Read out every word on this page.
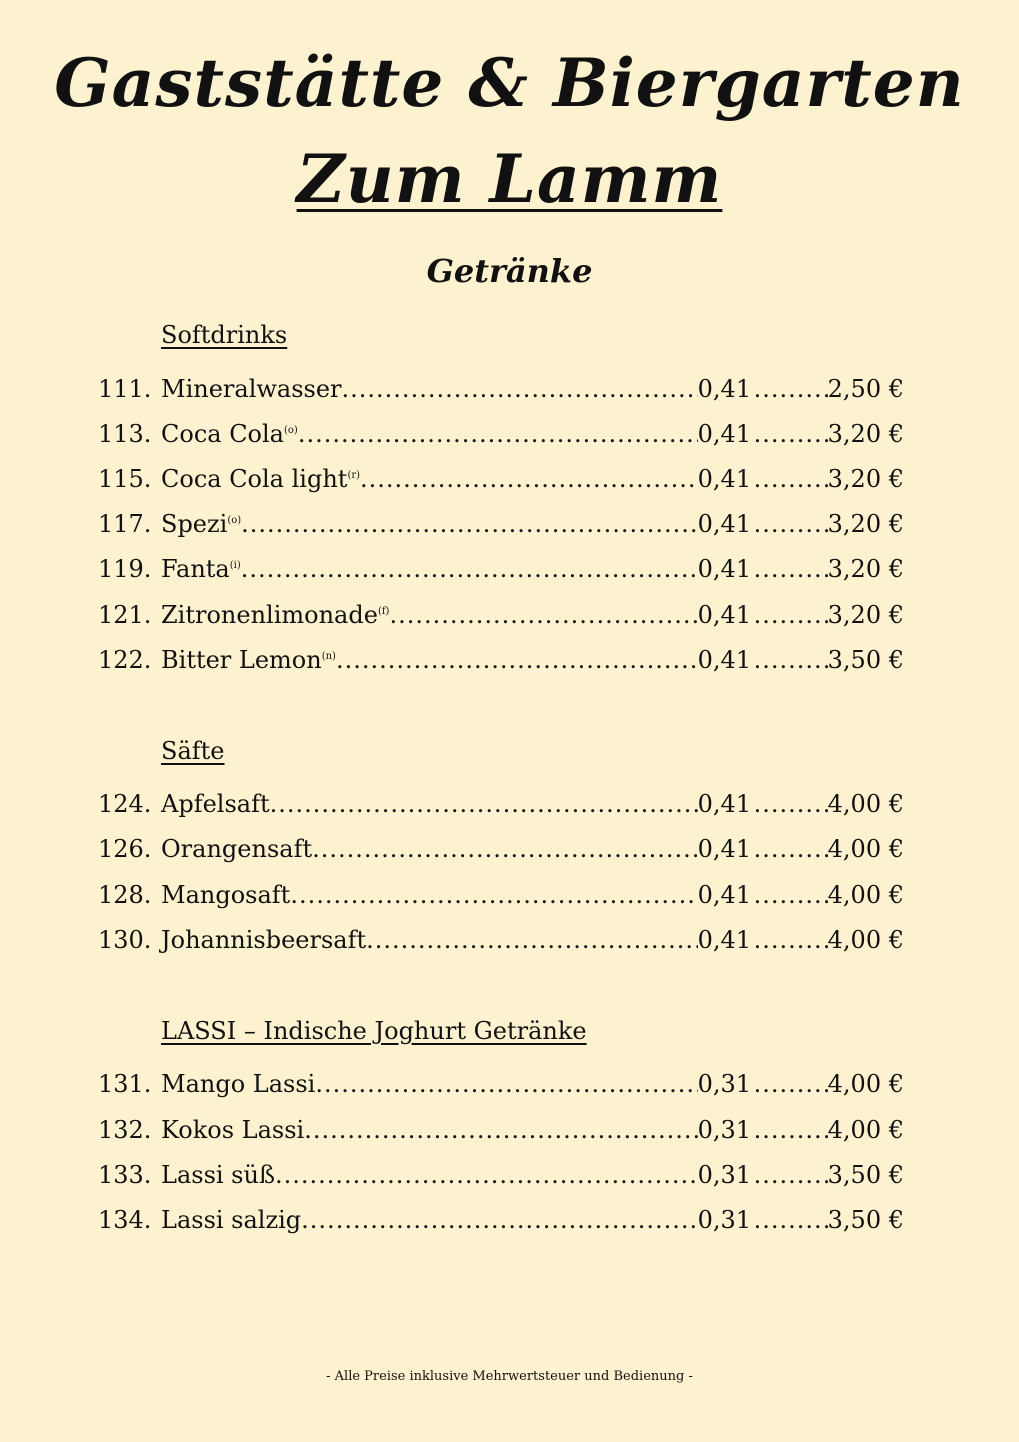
Gaststätte & Biergarten
Zum Lamm
Getränke
Softdrinks
111. Mineralwasser .....	0,41 .....	2,50 €
113. Coca Cola$^{(o)}$ .....	0,41 .....	3,20 €
115. Coca Cola light$^{(r)}$ .....	0,41 .....	3,20 €
117. Spezi$^{(o)}$ .....	0,41 .....	3,20 €
119. Fanta$^{(i)}$ .....	0,41 .....	3,20 €
121. Zitronenlimonade$^{(f)}$ .....	0,41 .....	3,20 €
122. Bitter Lemon$^{(n)}$ .....	0,41 .....	3,50 €
Säfte
124. Apfelsaft .....	0,41 .....	4,00 €
126. Orangensaft .....	0,41 .....	4,00 €
128. Mangosaft .....	0,41 .....	4,00 €
130. Johannisbeersaft .....	0,41 .....	4,00 €
LASSI – Indische Joghurt Getränke
131. Mango Lassi .....	0,31 .....	4,00 €
132. Kokos Lassi .....	0,31 .....	4,00 €
133. Lassi süß .....	0,31 .....	3,50 €
134. Lassi salzig .....	0,31 .....	3,50 €

- Alle Preise inklusive Mehrwertsteuer und Bedienung -
